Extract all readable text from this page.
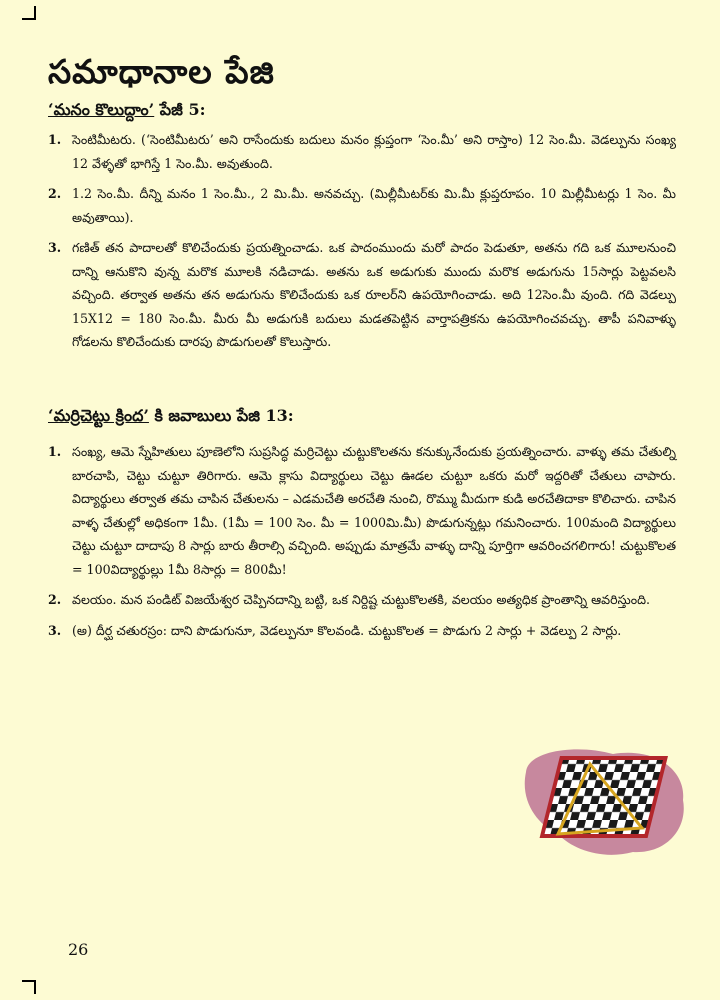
సమాధానాల పేజి
‘మనం కొలుద్దాం’ పేజీ 5:
1. సెంటిమీటరు. (‘సెంటిమీటరు’ అని రాసేందుకు బదులు మనం క్లుప్తంగా ‘సెం.మీ’ అని రాస్తాం) 12 సెం.మీ. వెడల్పును సంఖ్య 12 వేళ్ళతో భాగిస్తే 1 సెం.మీ. అవుతుంది.
2. 1.2 సెం.మీ. దీన్ని మనం 1 సెం.మీ., 2 మి.మీ. అనవచ్చు. (మిల్లీమీటర్‌కు మి.మీ క్లుప్తరూపం. 10 మిల్లీమీటర్లు 1 సెం. మీ అవుతాయి).
3. గణిత్ తన పాదాలతో కొలిచేందుకు ప్రయత్నించాడు. ఒక పాదంముందు మరో పాదం పెడుతూ, అతను గది ఒక మూలనుంచి దాన్ని ఆనుకొని వున్న మరొక మూలకి నడిచాడు. అతను ఒక అడుగుకు ముందు మరొక అడుగును 15సార్లు పెట్టవలసి వచ్చింది. తర్వాత అతను తన అడుగును కొలిచేందుకు ఒక రూలర్‌ని ఉపయోగించాడు. అది 12సెం.మీ వుంది. గది వెడల్పు 15X12 = 180 సెం.మీ. మీరు మీ అడుగుకి బదులు మడతపెట్టిన వార్తాపత్రికను ఉపయోగించవచ్చు. తాపీ పనివాళ్ళు గోడలను కొలిచేందుకు దారపు పొడుగులతో కొలుస్తారు.
‘మర్రిచెట్టు క్రింద’ కి జవాబులు పేజి 13:
1. సంఖ్య, ఆమె స్నేహితులు పూణెలోని సుప్రసిద్ధ మర్రిచెట్టు చుట్టుకొలతను కనుక్కునేందుకు ప్రయత్నించారు. వాళ్ళు తమ చేతుల్ని బారచాపి, చెట్టు చుట్టూ తిరిగారు. ఆమె క్లాసు విద్యార్థులు చెట్టు ఊడల చుట్టూ ఒకరు మరో ఇద్దరితో చేతులు చాపారు. విద్యార్థులు తర్వాత తమ చాపిన చేతులను – ఎడమచేతి అరచేతి నుంచి, రొమ్ము మీదుగా కుడి అరచేతిదాకా కొలిచారు. చాపిన వాళ్ళ చేతుల్లో అధికంగా 1మీ. (1మీ = 100 సెం. మీ = 1000మి.మీ) పొడుగున్నట్లు గమనించారు. 100మంది విద్యార్థులు చెట్టు చుట్టూ దాదాపు 8 సార్లు బారు తీరాల్సి వచ్చింది. అప్పుడు మాత్రమే వాళ్ళు దాన్ని పూర్తిగా ఆవరించగలిగారు! చుట్టుకొలత = 100విద్యార్థుల్లు 1మీ 8సార్లు = 800మీ!
2. వలయం. మన పండిట్ విజయేశ్వర చెప్పినదాన్ని బట్టి, ఒక నిర్దిష్ట చుట్టుకొలతకి, వలయం అత్యధిక ప్రాంతాన్ని ఆవరిస్తుంది.
3. (అ) దీర్ఘ చతురస్రం: దాని పొడుగునూ, వెడల్పునూ కొలవండి. చుట్టుకొలత = పొడుగు 2 సార్లు + వెడల్పు 2 సార్లు.
26
